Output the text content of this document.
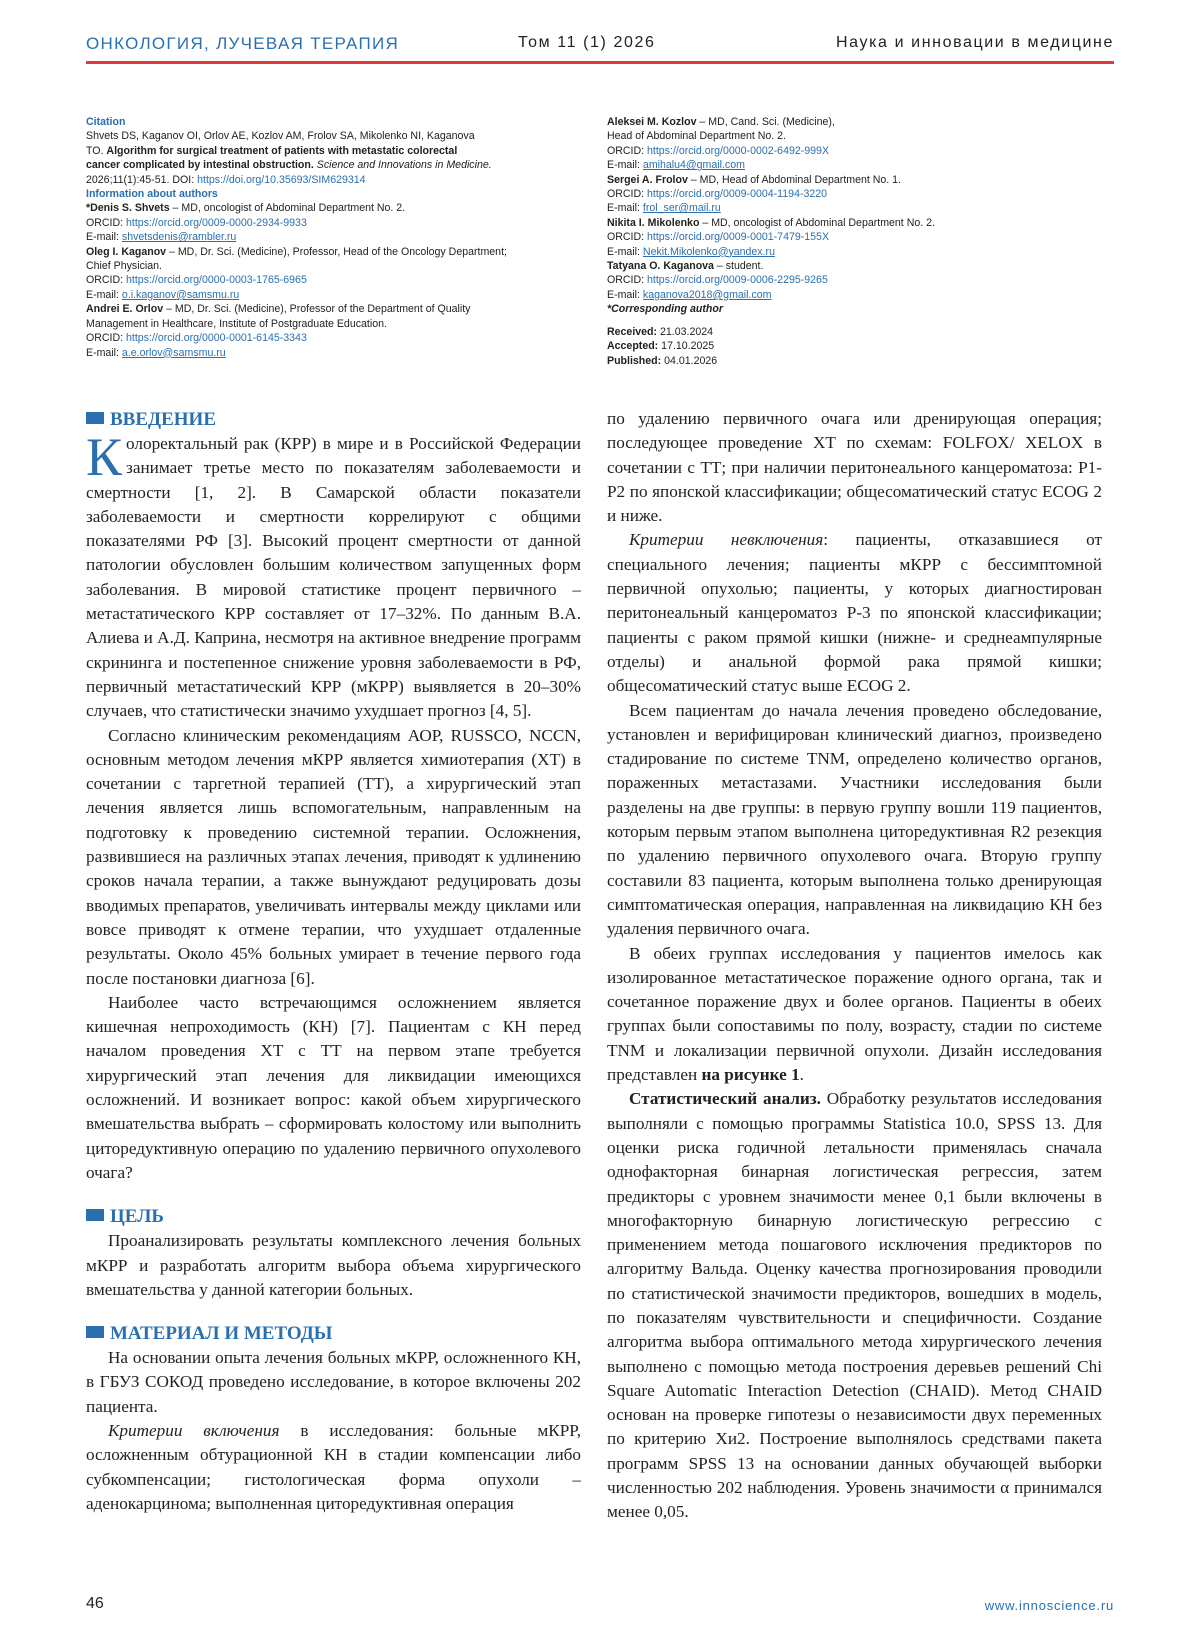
ОНКОЛОГИЯ, ЛУЧЕВАЯ ТЕРАПИЯ	Том 11 (1) 2026	Наука и инновации в медицине
Citation
Shvets DS, Kaganov OI, Orlov AE, Kozlov AM, Frolov SA, Mikolenko NI, Kaganova
TO. Algorithm for surgical treatment of patients with metastatic colorectal
cancer complicated by intestinal obstruction. Science and Innovations in Medicine.
2026;11(1):45-51. DOI: https://doi.org/10.35693/SIM629314
Information about authors
*Denis S. Shvets – MD, oncologist of Abdominal Department No. 2.
ORCID: https://orcid.org/0009-0000-2934-9933
E-mail: shvetsdenis@rambler.ru
Oleg I. Kaganov – MD, Dr. Sci. (Medicine), Professor, Head of the Oncology Department;
Chief Physician.
ORCID: https://orcid.org/0000-0003-1765-6965
E-mail: o.i.kaganov@samsmu.ru
Andrei E. Orlov – MD, Dr. Sci. (Medicine), Professor of the Department of Quality
Management in Healthcare, Institute of Postgraduate Education.
ORCID: https://orcid.org/0000-0001-6145-3343
E-mail: a.e.orlov@samsmu.ru
Aleksei M. Kozlov – MD, Cand. Sci. (Medicine),
Head of Abdominal Department No. 2.
ORCID: https://orcid.org/0000-0002-6492-999X
E-mail: amihalu4@gmail.com
Sergei A. Frolov – MD, Head of Abdominal Department No. 1.
ORCID: https://orcid.org/0009-0004-1194-3220
E-mail: frol_ser@mail.ru
Nikita I. Mikolenko – MD, oncologist of Abdominal Department No. 2.
ORCID: https://orcid.org/0009-0001-7479-155X
E-mail: Nekit.Mikolenko@yandex.ru
Tatyana O. Kaganova – student.
ORCID: https://orcid.org/0009-0006-2295-9265
E-mail: kaganova2018@gmail.com
*Corresponding author
Received: 21.03.2024
Accepted: 17.10.2025
Published: 04.01.2026
ВВЕДЕНИЕ

Колоректальный рак (КРР) в мире и в Российской Федерации занимает третье место по показателям заболеваемости и смертности [1, 2]. В Самарской области показатели заболеваемости и смертности коррелируют с общими показателями РФ [3]. Высокий процент смертности от данной патологии обусловлен большим количеством запущенных форм заболевания. В мировой статистике процент первичного – метастатического КРР составляет от 17–32%. По данным В.А. Алиева и А.Д. Каприна, несмотря на активное внедрение программ скрининга и постепенное снижение уровня заболеваемости в РФ, первичный метастатический КРР (мКРР) выявляется в 20–30% случаев, что статистически значимо ухудшает прогноз [4, 5].

Согласно клиническим рекомендациям АОР, RUSSCO, NCCN, основным методом лечения мКРР является химиотерапия (ХТ) в сочетании с таргетной терапией (ТТ), а хирургический этап лечения является лишь вспомогательным, направленным на подготовку к проведению системной терапии. Осложнения, развившиеся на различных этапах лечения, приводят к удлинению сроков начала терапии, а также вынуждают редуцировать дозы вводимых препаратов, увеличивать интервалы между циклами или вовсе приводят к отмене терапии, что ухудшает отдаленные результаты. Около 45% больных умирает в течение первого года после постановки диагноза [6].

Наиболее часто встречающимся осложнением является кишечная непроходимость (КН) [7]. Пациентам с КН перед началом проведения ХТ с ТТ на первом этапе требуется хирургический этап лечения для ликвидации имеющихся осложнений. И возникает вопрос: какой объем хирургического вмешательства выбрать – сформировать колостому или выполнить циторедуктивную операцию по удалению первичного опухолевого очага?

ЦЕЛЬ

Проанализировать результаты комплексного лечения больных мКРР и разработать алгоритм выбора объема хирургического вмешательства у данной категории больных.

МАТЕРИАЛ И МЕТОДЫ

На основании опыта лечения больных мКРР, осложненного КН, в ГБУЗ СОКОД проведено исследование, в которое включены 202 пациента.

Критерии включения в исследования: больные мКРР, осложненным обтурационной КН в стадии компенсации либо субкомпенсации; гистологическая форма опухоли – аденокарцинома; выполненная циторедуктивная операция

по удалению первичного очага или дренирующая операция; последующее проведение ХТ по схемам: FOLFOX/ XELOX в сочетании с ТТ; при наличии перитонеального канцероматоза: P1-P2 по японской классификации; общесоматический статус ECOG 2 и ниже.

Критерии невключения: пациенты, отказавшиеся от специального лечения; пациенты мКРР с бессимптомной первичной опухолью; пациенты, у которых диагностирован перитонеальный канцероматоз Р-3 по японской классификации; пациенты с раком прямой кишки (нижне- и среднеампулярные отделы) и анальной формой рака прямой кишки; общесоматический статус выше ECOG 2.

Всем пациентам до начала лечения проведено обследование, установлен и верифицирован клинический диагноз, произведено стадирование по системе TNM, определено количество органов, пораженных метастазами. Участники исследования были разделены на две группы: в первую группу вошли 119 пациентов, которым первым этапом выполнена циторедуктивная R2 резекция по удалению первичного опухолевого очага. Вторую группу составили 83 пациента, которым выполнена только дренирующая симптоматическая операция, направленная на ликвидацию КН без удаления первичного очага.

В обеих группах исследования у пациентов имелось как изолированное метастатическое поражение одного органа, так и сочетанное поражение двух и более органов. Пациенты в обеих группах были сопоставимы по полу, возрасту, стадии по системе TNM и локализации первичной опухоли. Дизайн исследования представлен на рисунке 1.

Статистический анализ. Обработку результатов исследования выполняли с помощью программы Statistica 10.0, SPSS 13. Для оценки риска годичной летальности применялась сначала однофакторная бинарная логистическая регрессия, затем предикторы с уровнем значимости менее 0,1 были включены в многофакторную бинарную логистическую регрессию с применением метода пошагового исключения предикторов по алгоритму Вальда. Оценку качества прогнозирования проводили по статистической значимости предикторов, вошедших в модель, по показателям чувствительности и специфичности. Создание алгоритма выбора оптимального метода хирургического лечения выполнено с помощью метода построения деревьев решений Chi Square Automatic Interaction Detection (CHAID). Метод CHAID основан на проверке гипотезы о независимости двух переменных по критерию Хи2. Построение выполнялось средствами пакета программ SPSS 13 на основании данных обучающей выборки численностью 202 наблюдения. Уровень значимости α принимался менее 0,05.

46	www.innoscience.ru
